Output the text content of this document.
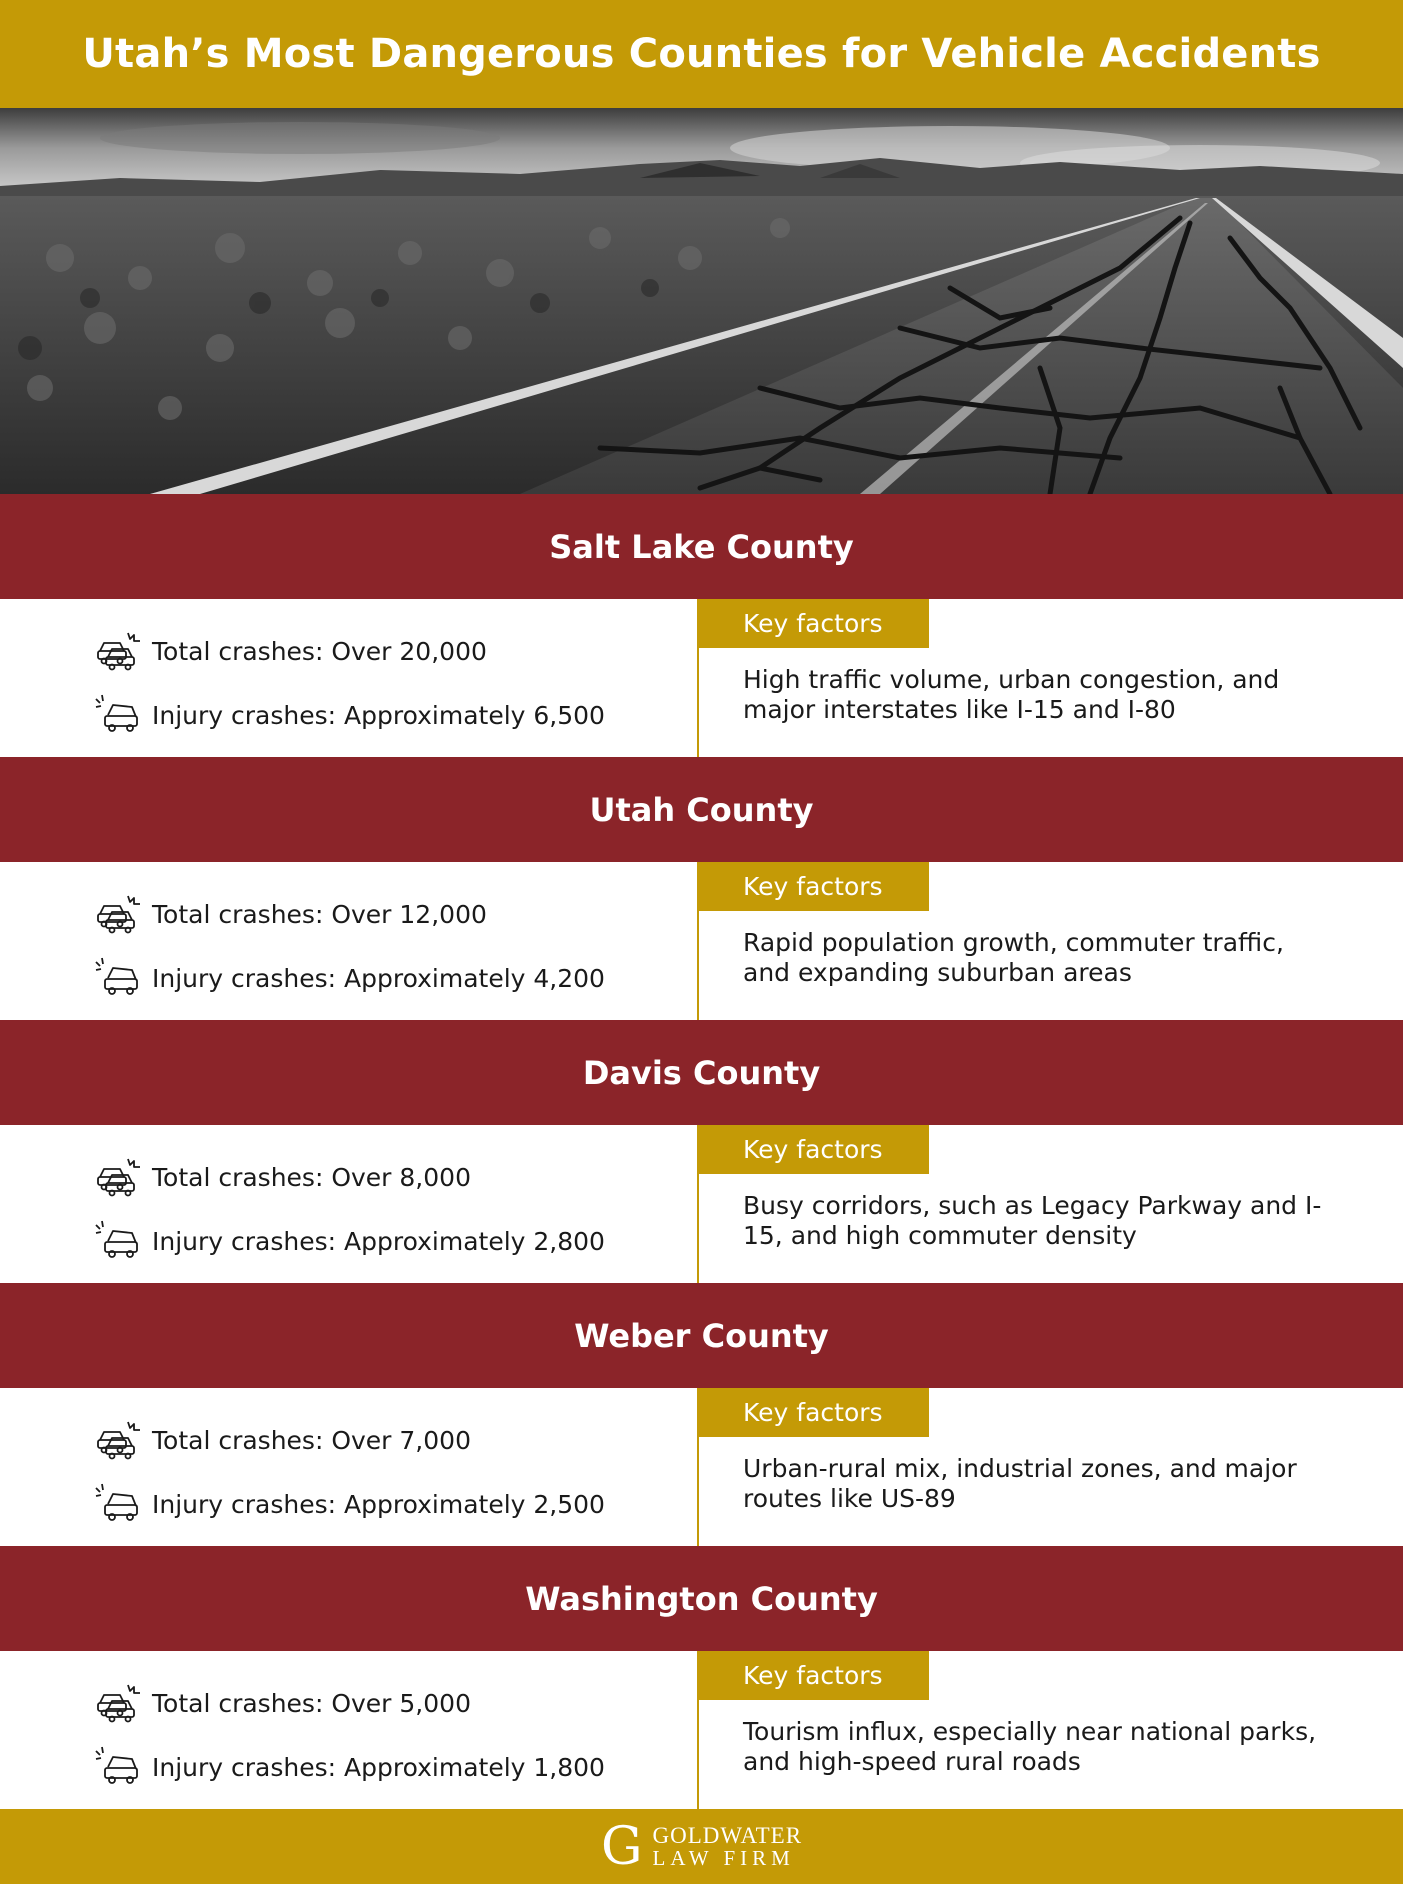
Utah’s Most Dangerous Counties for Vehicle Accidents
Salt Lake County
Total crashes: Over 20,000
Injury crashes: Approximately 6,500
Key factors
High traffic volume, urban congestion, and major interstates like I-15 and I-80
Utah County
Total crashes: Over 12,000
Injury crashes: Approximately 4,200
Key factors
Rapid population growth, commuter traffic, and expanding suburban areas
Davis County
Total crashes: Over 8,000
Injury crashes: Approximately 2,800
Key factors
Busy corridors, such as Legacy Parkway and I-15, and high commuter density
Weber County
Total crashes: Over 7,000
Injury crashes: Approximately 2,500
Key factors
Urban-rural mix, industrial zones, and major routes like US-89
Washington County
Total crashes: Over 5,000
Injury crashes: Approximately 1,800
Key factors
Tourism influx, especially near national parks, and high-speed rural roads
G GOLDWATER
LAW FIRM
